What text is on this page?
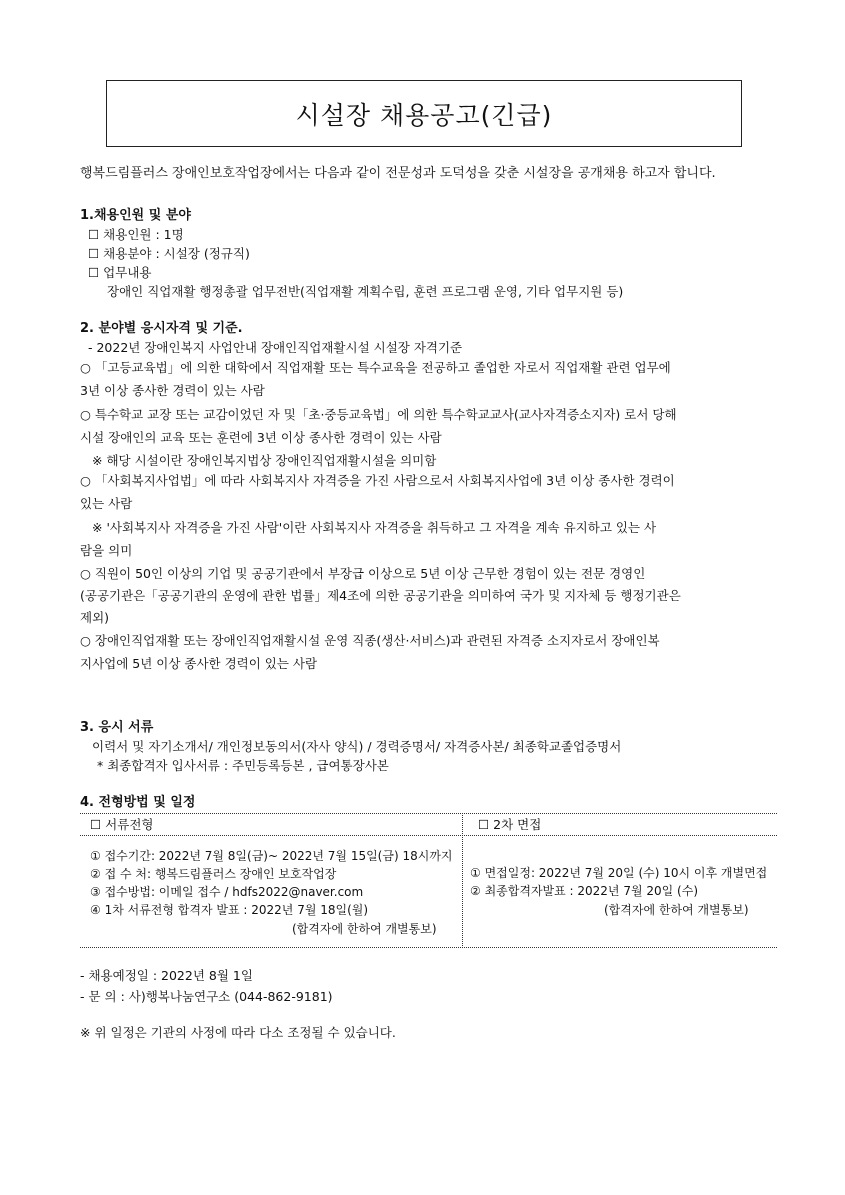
시설장 채용공고(긴급)
행복드림플러스 장애인보호작업장에서는 다음과 같이 전문성과 도덕성을 갖춘 시설장을 공개채용 하고자 합니다.
1.채용인원 및 분야
☐ 채용인원 : 1명
☐ 채용분야 : 시설장 (정규직)
☐ 업무내용
장애인 직업재활 행정총괄 업무전반(직업재활 계획수립, 훈련 프로그램 운영, 기타 업무지원 등)
2. 분야별 응시자격 및 기준.
- 2022년 장애인복지 사업안내 장애인직업재활시설 시설장 자격기준
○ 「고등교육법」에 의한 대학에서 직업재활 또는 특수교육을 전공하고 졸업한 자로서 직업재활 관련 업무에
3년 이상 종사한 경력이 있는 사람
○ 특수학교 교장 또는 교감이었던 자 및「초·중등교육법」에 의한 특수학교교사(교사자격증소지자) 로서 당해
시설 장애인의 교육 또는 훈련에 3년 이상 종사한 경력이 있는 사람
※ 해당 시설이란 장애인복지법상 장애인직업재활시설을 의미함
○ 「사회복지사업법」에 따라 사회복지사 자격증을 가진 사람으로서 사회복지사업에 3년 이상 종사한 경력이
있는 사람
※ '사회복지사 자격증을 가진 사람'이란 사회복지사 자격증을 취득하고 그 자격을 계속 유지하고 있는 사
람을 의미
○ 직원이 50인 이상의 기업 및 공공기관에서 부장급 이상으로 5년 이상 근무한 경험이 있는 전문 경영인
(공공기관은「공공기관의 운영에 관한 법률」제4조에 의한 공공기관을 의미하여 국가 및 지자체 등 행정기관은
제외)
○ 장애인직업재활 또는 장애인직업재활시설 운영 직종(생산·서비스)과 관련된 자격증 소지자로서 장애인복
지사업에 5년 이상 종사한 경력이 있는 사람
3. 응시 서류
이력서 및 자기소개서/ 개인정보동의서(자사 양식) / 경력증명서/ 자격증사본/ 최종학교졸업증명서
* 최종합격자 입사서류 : 주민등록등본 , 급여통장사본
4. 전형방법 및 일정
☐ 서류전형	☐ 2차 면접
① 접수기간: 2022년 7월 8일(금)~ 2022년 7월 15일(금) 18시까지
② 접 수 처: 행복드림플러스 장애인 보호작업장
③ 접수방법: 이메일 접수 / hdfs2022@naver.com
④ 1차 서류전형 합격자 발표 : 2022년 7월 18일(월)
(합격자에 한하여 개별통보)
① 면접일정: 2022년 7월 20일 (수) 10시 이후 개별면접
② 최종합격자발표 : 2022년 7월 20일 (수)
(합격자에 한하여 개별통보)
- 채용예정일 : 2022년 8월 1일
- 문 의 : 사)행복나눔연구소 (044-862-9181)
※ 위 일정은 기관의 사정에 따라 다소 조정될 수 있습니다.
